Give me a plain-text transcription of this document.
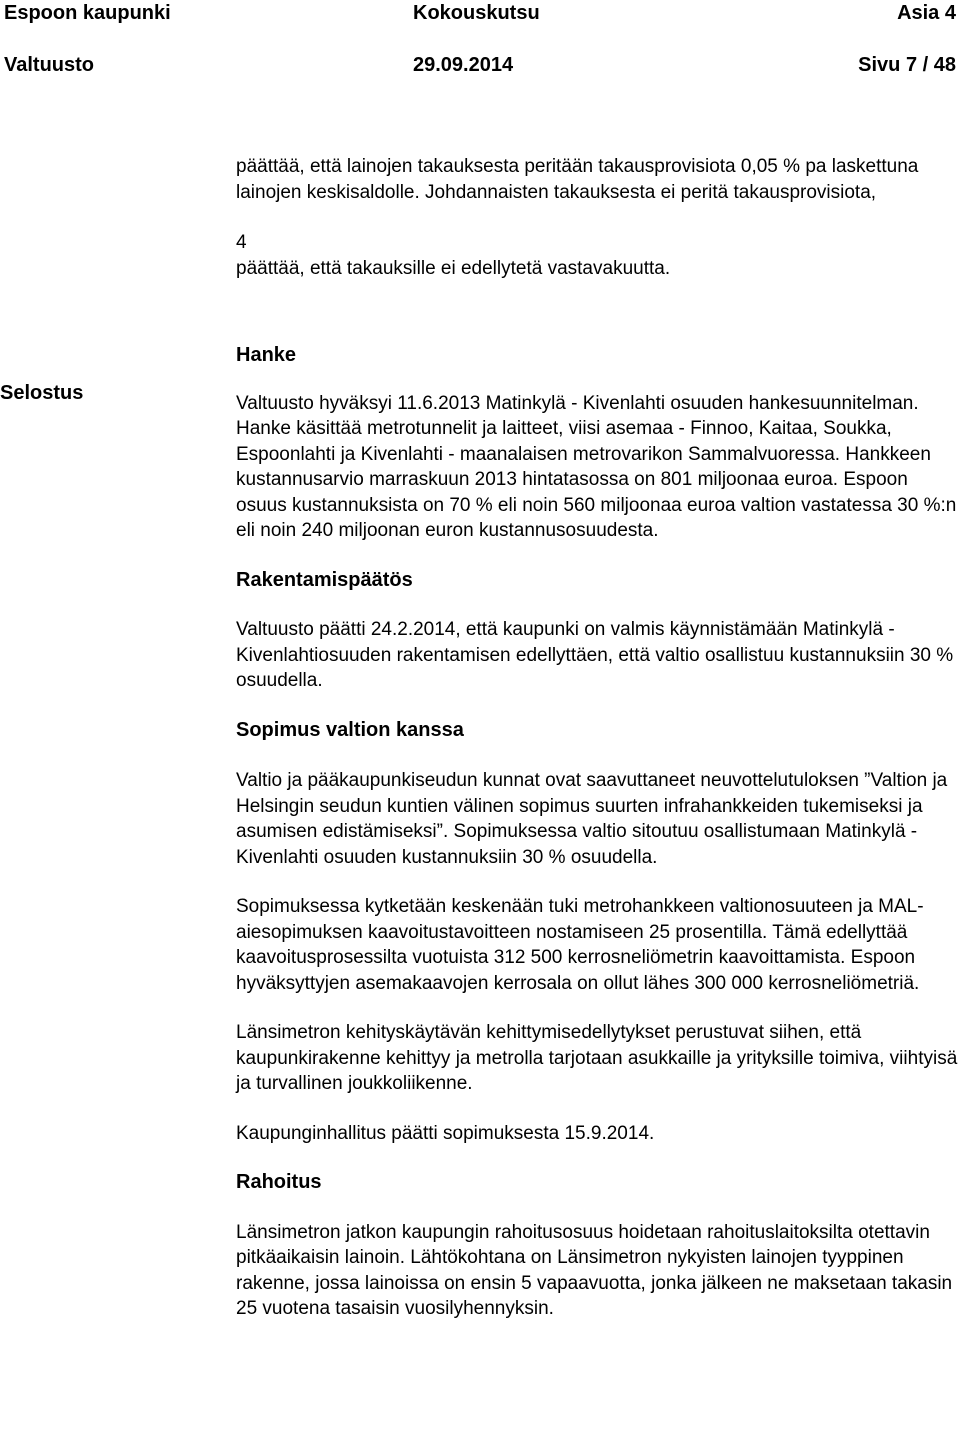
Espoon kaupunki	Kokouskutsu	Asia 4
Valtuusto	29.09.2014	Sivu 7 / 48
Selostus

päättää, että lainojen takauksesta peritään takausprovisiota 0,05 % pa laskettuna lainojen keskisaldolle. Johdannaisten takauksesta ei peritä takausprovisiota,

4

päättää, että takauksille ei edellytetä vastavakuutta.

Hanke

Valtuusto hyväksyi 11.6.2013 Matinkylä - Kivenlahti osuuden hankesuunnitelman. Hanke käsittää metrotunnelit ja laitteet, viisi asemaa - Finnoo, Kaitaa, Soukka, Espoonlahti ja Kivenlahti - maanalaisen metrovarikon Sammalvuoressa. Hankkeen kustannusarvio marraskuun 2013 hintatasossa on 801 miljoonaa euroa. Espoon osuus kustannuksista on 70 % eli noin 560 miljoonaa euroa valtion vastatessa 30 %:n eli noin 240 miljoonan euron kustannusosuudesta.

Rakentamispäätös

Valtuusto päätti 24.2.2014, että kaupunki on valmis käynnistämään Matinkylä - Kivenlahtiosuuden rakentamisen edellyttäen, että valtio osallistuu kustannuksiin 30 % osuudella.

Sopimus valtion kanssa

Valtio ja pääkaupunkiseudun kunnat ovat saavuttaneet neuvottelutuloksen ”Valtion ja Helsingin seudun kuntien välinen sopimus suurten infrahankkeiden tukemiseksi ja asumisen edistämiseksi”. Sopimuksessa valtio sitoutuu osallistumaan Matinkylä - Kivenlahti osuuden kustannuksiin 30 % osuudella.

Sopimuksessa kytketään keskenään tuki metrohankkeen valtionosuuteen ja MAL-aiesopimuksen kaavoitustavoitteen nostamiseen 25 prosentilla. Tämä edellyttää kaavoitusprosessilta vuotuista 312 500 kerrosneliömetrin kaavoittamista. Espoon hyväksyttyjen asemakaavojen kerrosala on ollut lähes 300 000 kerrosneliömetriä.

Länsimetron kehityskäytävän kehittymisedellytykset perustuvat siihen, että kaupunkirakenne kehittyy ja metrolla tarjotaan asukkaille ja yrityksille toimiva, viihtyisä ja turvallinen joukkoliikenne.

Kaupunginhallitus päätti sopimuksesta 15.9.2014.

Rahoitus

Länsimetron jatkon kaupungin rahoitusosuus hoidetaan rahoituslaitoksilta otettavin pitkäaikaisin lainoin. Lähtökohtana on Länsimetron nykyisten lainojen tyyppinen rakenne, jossa lainoissa on ensin 5 vapaavuotta, jonka jälkeen ne maksetaan takasin 25 vuotena tasaisin vuosilyhennyksin.
